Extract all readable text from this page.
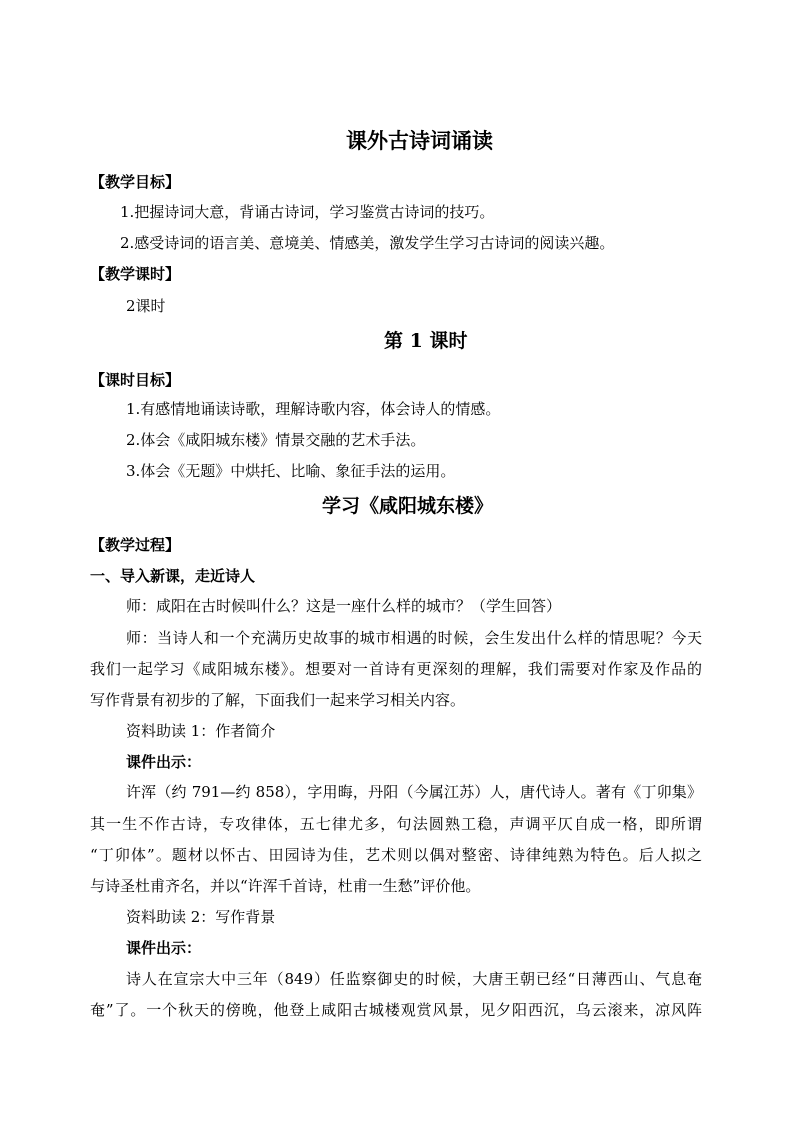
课外古诗词诵读
【教学目标】
1.把握诗词大意，背诵古诗词，学习鉴赏古诗词的技巧。
2.感受诗词的语言美、意境美、情感美，激发学生学习古诗词的阅读兴趣。
【教学课时】
2课时
第 1 课时
【课时目标】
1.有感情地诵读诗歌，理解诗歌内容，体会诗人的情感。
2.体会《咸阳城东楼》情景交融的艺术手法。
3.体会《无题》中烘托、比喻、象征手法的运用。
学习《咸阳城东楼》
【教学过程】
一、导入新课，走近诗人
师：咸阳在古时候叫什么？这是一座什么样的城市？（学生回答）
师：当诗人和一个充满历史故事的城市相遇的时候，会生发出什么样的情思呢？今天
我们一起学习《咸阳城东楼》。想要对一首诗有更深刻的理解，我们需要对作家及作品的
写作背景有初步的了解，下面我们一起来学习相关内容。
资料助读 1：作者简介
课件出示：
许浑（约 791—约 858），字用晦，丹阳（今属江苏）人，唐代诗人。著有《丁卯集》
其一生不作古诗，专攻律体，五七律尤多，句法圆熟工稳，声调平仄自成一格，即所谓
“丁卯体”。题材以怀古、田园诗为佳，艺术则以偶对整密、诗律纯熟为特色。后人拟之
与诗圣杜甫齐名，并以“许浑千首诗，杜甫一生愁”评价他。
资料助读 2：写作背景
课件出示：
诗人在宣宗大中三年（849）任监察御史的时候，大唐王朝已经“日薄西山、气息奄
奄”了。一个秋天的傍晚，他登上咸阳古城楼观赏风景，见夕阳西沉，乌云滚来，凉风阵
